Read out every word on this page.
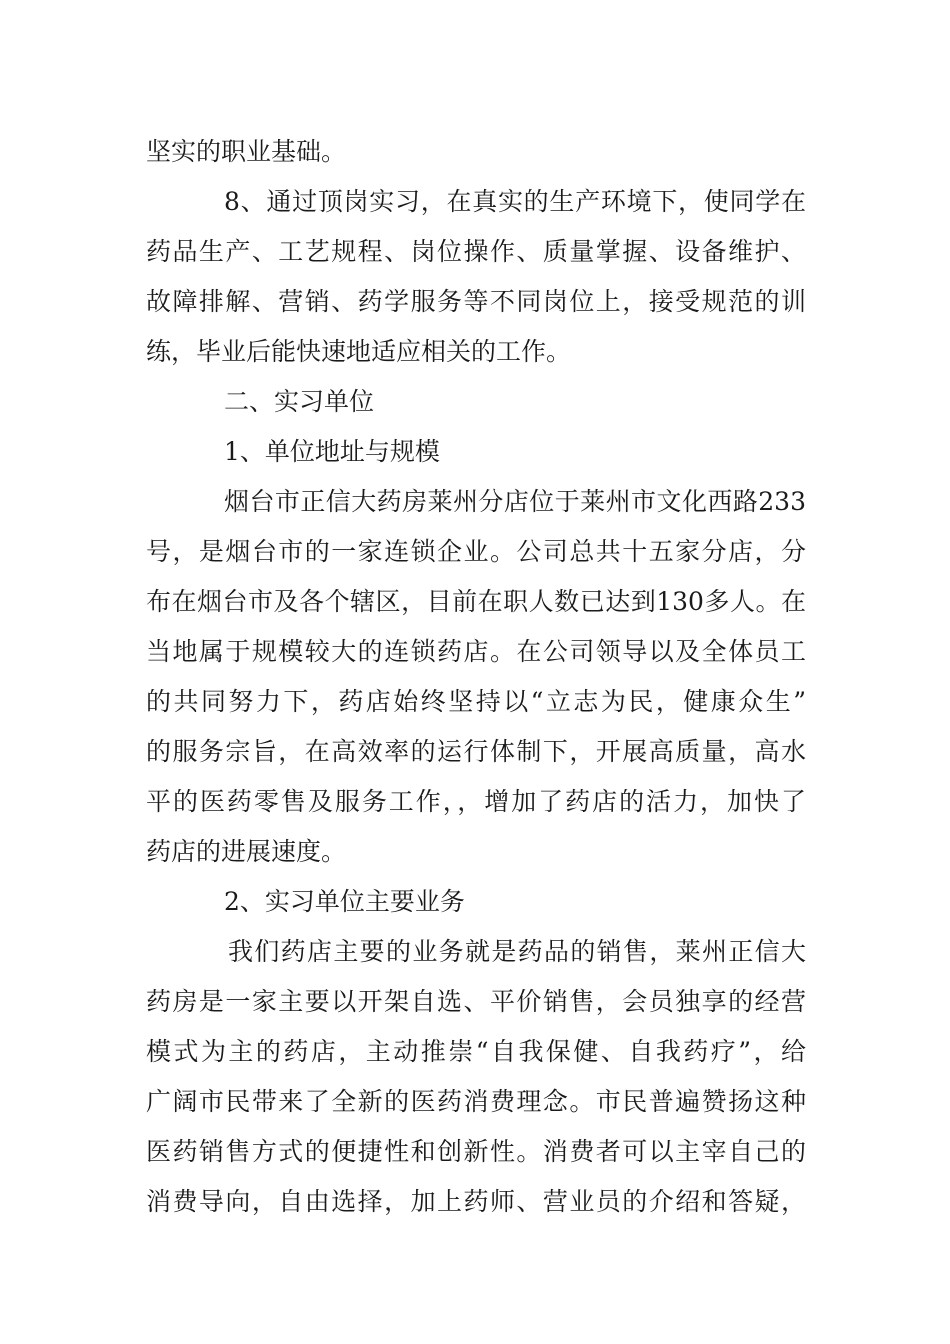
坚实的职业基础。
8、通过顶岗实习，在真实的生产环境下，使同学在
药品生产、工艺规程、岗位操作、质量掌握、设备维护、
故障排解、营销、药学服务等不同岗位上，接受规范的训
练，毕业后能快速地适应相关的工作。
二、实习单位
1、单位地址与规模
烟台市正信大药房莱州分店位于莱州市文化西路233
号，是烟台市的一家连锁企业。公司总共十五家分店，分
布在烟台市及各个辖区，目前在职人数已达到130多人。在
当地属于规模较大的连锁药店。在公司领导以及全体员工
的共同努力下，药店始终坚持以“立志为民，健康众生”
的服务宗旨，在高效率的运行体制下，开展高质量，高水
平的医药零售及服务工作，，增加了药店的活力，加快了
药店的进展速度。
2、实习单位主要业务
我们药店主要的业务就是药品的销售，莱州正信大
药房是一家主要以开架自选、平价销售，会员独享的经营
模式为主的药店，主动推崇“自我保健、自我药疗”，给
广阔市民带来了全新的医药消费理念。市民普遍赞扬这种
医药销售方式的便捷性和创新性。消费者可以主宰自己的
消费导向，自由选择，加上药师、营业员的介绍和答疑，
